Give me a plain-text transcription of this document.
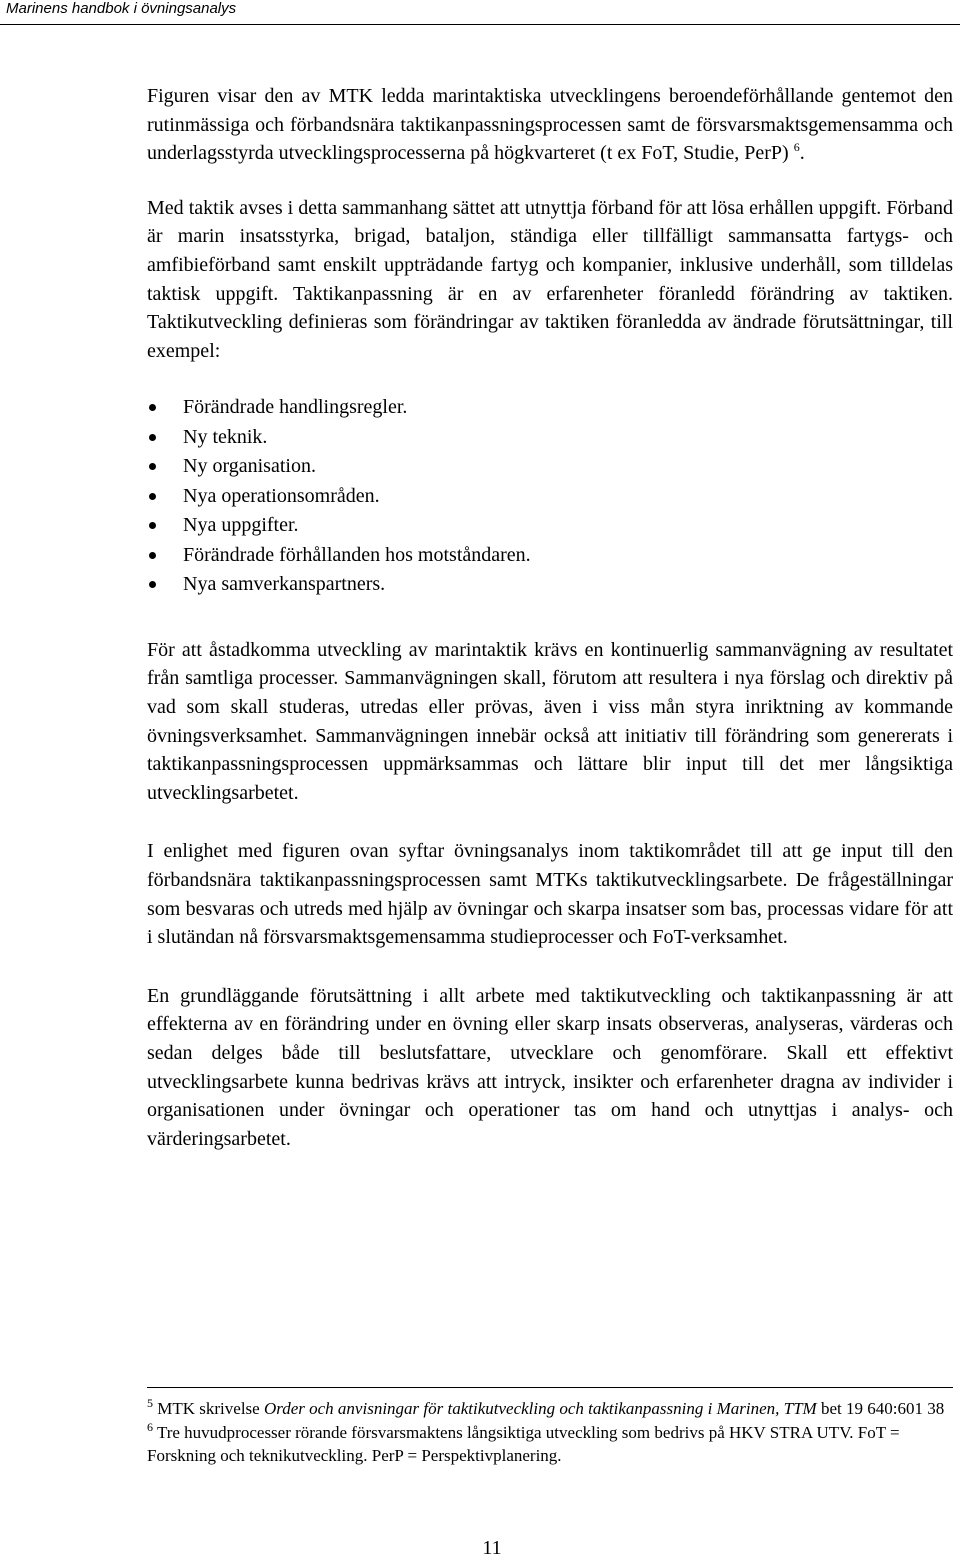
Marinens handbok i övningsanalys

Figuren visar den av MTK ledda marintaktiska utvecklingens beroendeförhållande gentemot den rutinmässiga och förbandsnära taktikanpassningsprocessen samt de försvarsmaktsgemensamma och underlagsstyrda utvecklingsprocesserna på högkvarteret (t ex FoT, Studie, PerP) $^6$.

Med taktik avses i detta sammanhang sättet att utnyttja förband för att lösa erhållen uppgift. Förband är marin insatsstyrka, brigad, bataljon, ständiga eller tillfälligt sammansatta fartygs- och amfibieförband samt enskilt uppträdande fartyg och kompanier, inklusive underhåll, som tilldelas taktisk uppgift. Taktikanpassning är en av erfarenheter föranledd förändring av taktiken. Taktikutveckling definieras som förändringar av taktiken föranledda av ändrade förutsättningar, till exempel:

Förändrade handlingsregler.
Ny teknik.
Ny organisation.
Nya operationsområden.
Nya uppgifter.
Förändrade förhållanden hos motståndaren.
Nya samverkanspartners.

För att åstadkomma utveckling av marintaktik krävs en kontinuerlig sammanvägning av resultatet från samtliga processer. Sammanvägningen skall, förutom att resultera i nya förslag och direktiv på vad som skall studeras, utredas eller prövas, även i viss mån styra inriktning av kommande övningsverksamhet. Sammanvägningen innebär också att initiativ till förändring som genererats i taktikanpassningsprocessen uppmärksammas och lättare blir input till det mer långsiktiga utvecklingsarbetet.

I enlighet med figuren ovan syftar övningsanalys inom taktikområdet till att ge input till den förbandsnära taktikanpassningsprocessen samt MTKs taktikutvecklingsarbete. De frågeställningar som besvaras och utreds med hjälp av övningar och skarpa insatser som bas, processas vidare för att i slutändan nå försvarsmaktsgemensamma studieprocesser och FoT-verksamhet.

En grundläggande förutsättning i allt arbete med taktikutveckling och taktikanpassning är att effekterna av en förändring under en övning eller skarp insats observeras, analyseras, värderas och sedan delges både till beslutsfattare, utvecklare och genomförare. Skall ett effektivt utvecklingsarbete kunna bedrivas krävs att intryck, insikter och erfarenheter dragna av individer i organisationen under övningar och operationer tas om hand och utnyttjas i analys- och värderingsarbetet.

$^5$ MTK skrivelse Order och anvisningar för taktikutveckling och taktikanpassning i Marinen, TTM bet 19 640:601 38

$^6$ Tre huvudprocesser rörande försvarsmaktens långsiktiga utveckling som bedrivs på HKV STRA UTV. FoT = Forskning och teknikutveckling. PerP = Perspektivplanering.

11
